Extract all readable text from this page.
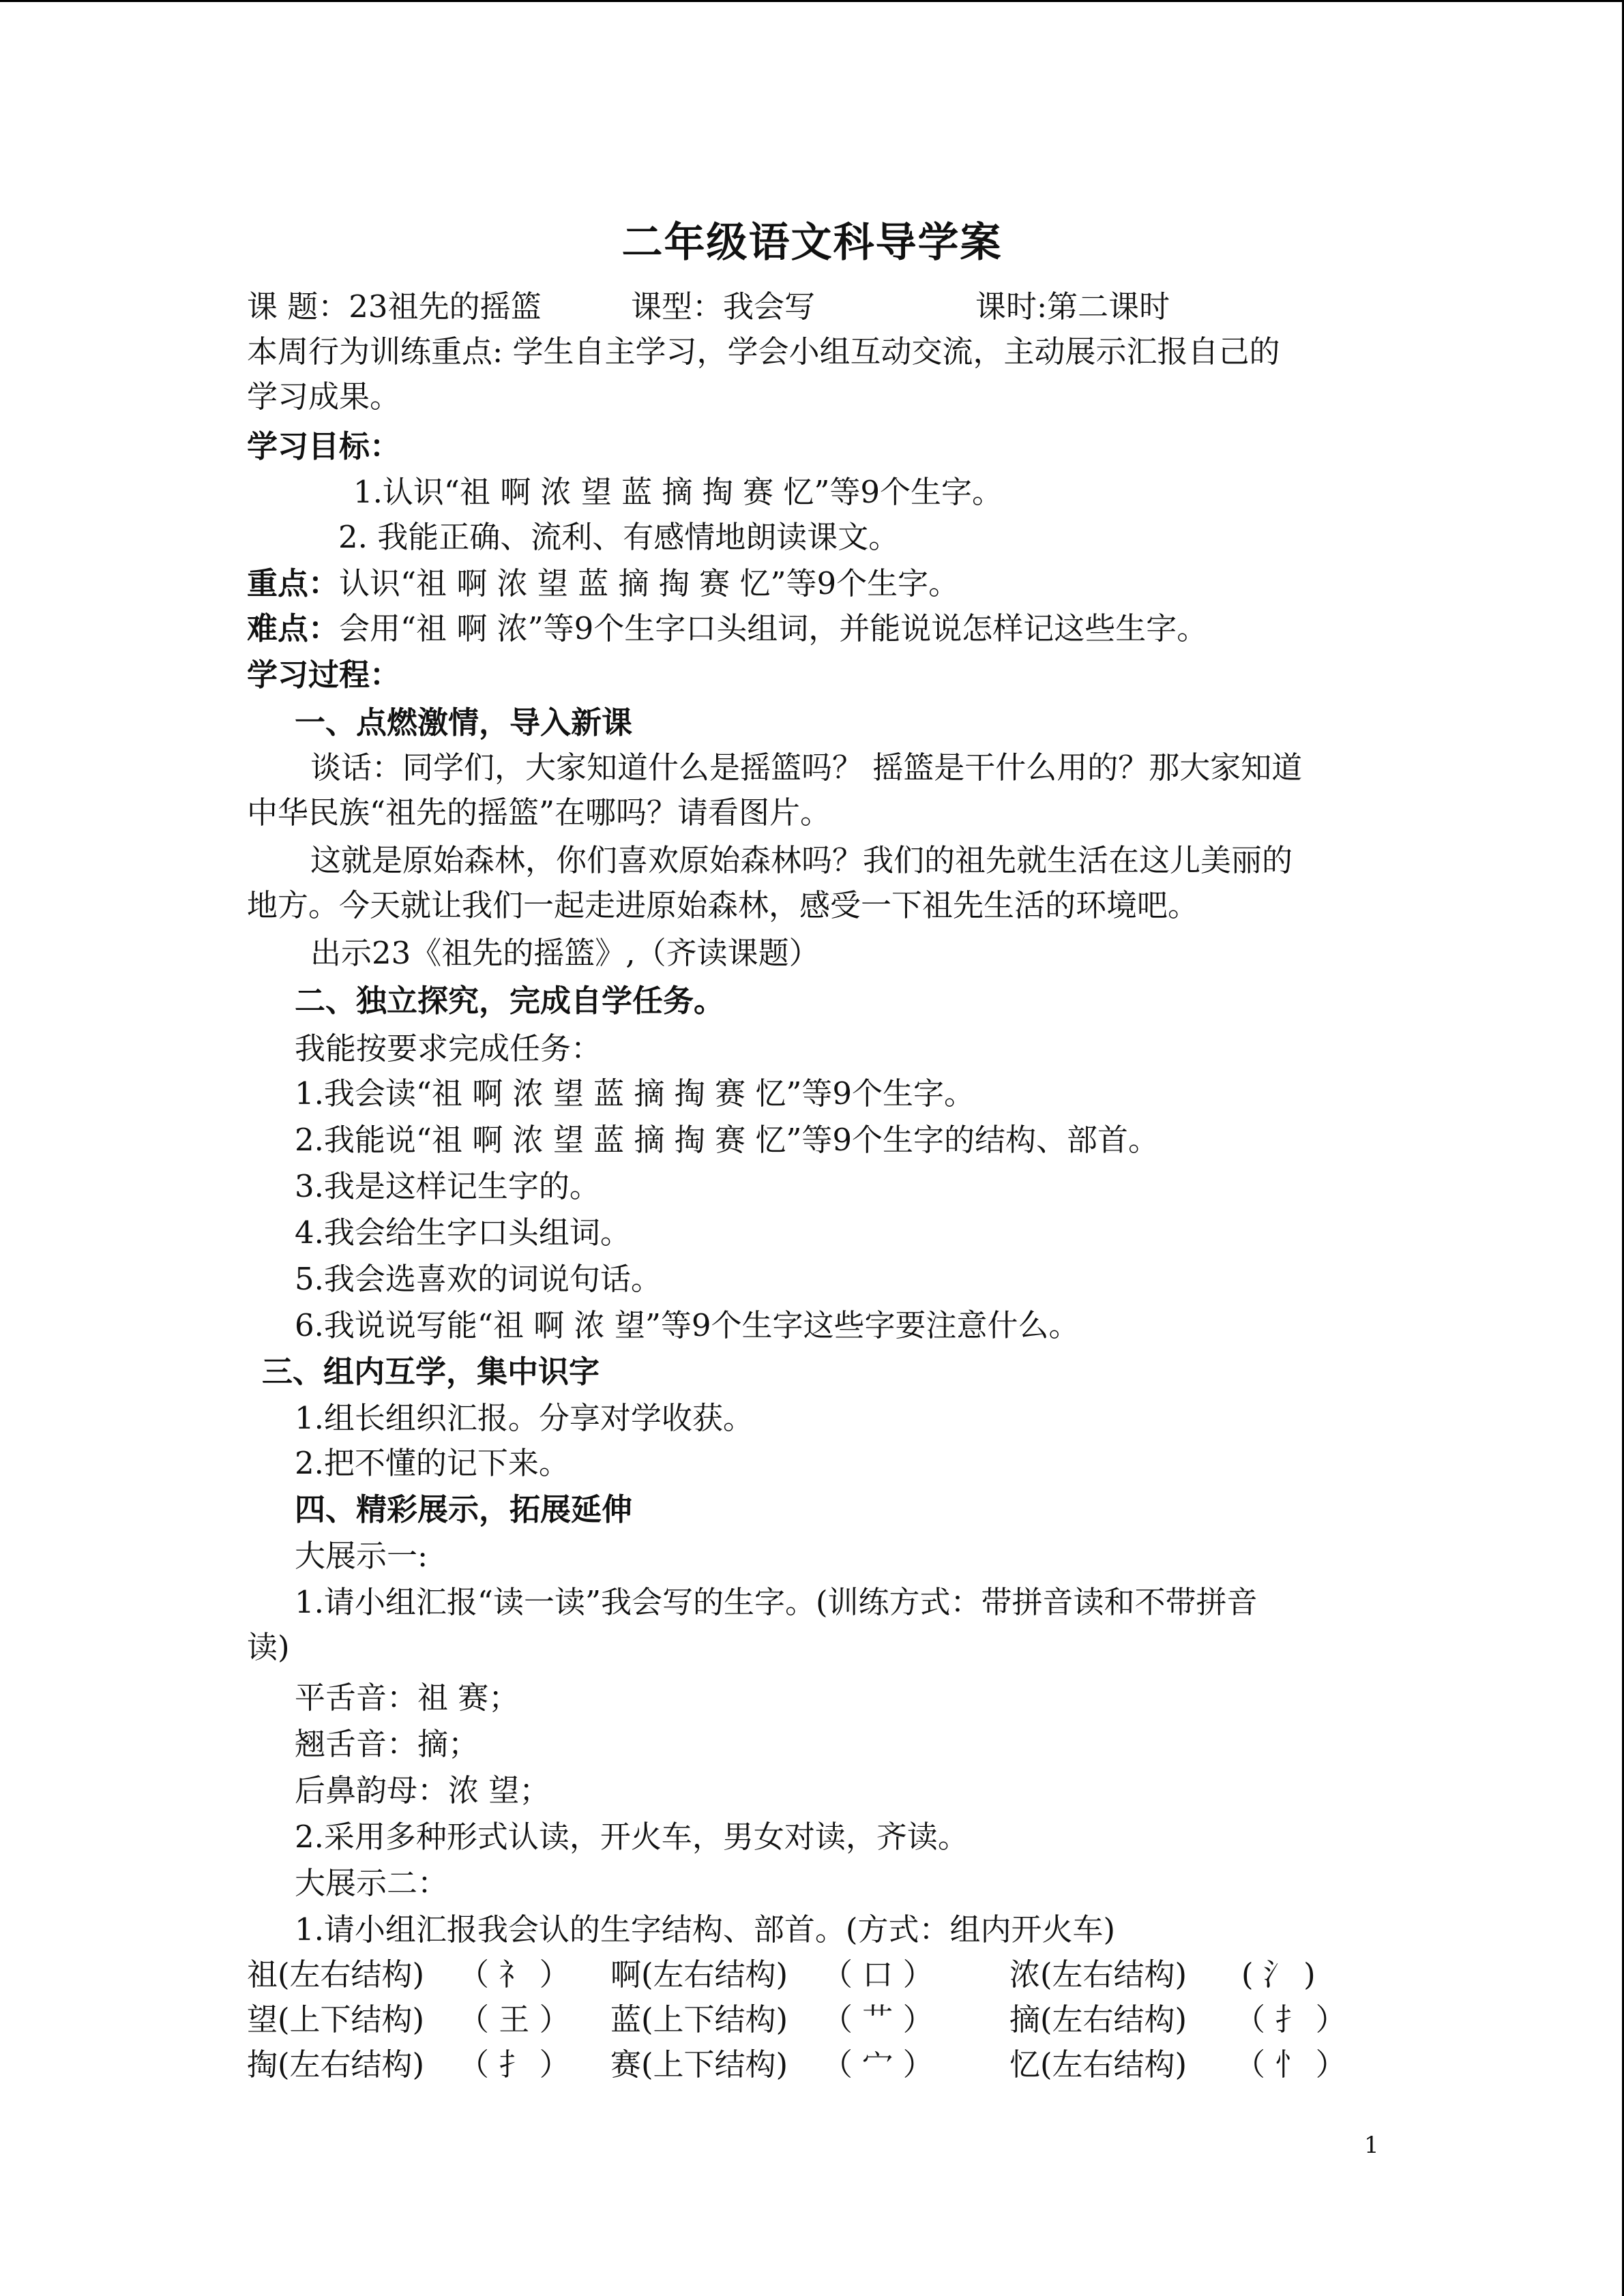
二年级语文科导学案
课 题：23祖先的摇篮	课型：我会写	课时:第二课时
本周行为训练重点: 学生自主学习，学会小组互动交流，主动展示汇报自己的
学习成果。
学习目标：
1.认识“祖 啊 浓 望 蓝 摘 掏 赛 忆”等9个生字。
2. 我能正确、流利、有感情地朗读课文。
重点：认识“祖 啊 浓 望 蓝 摘 掏 赛 忆”等9个生字。
难点：会用“祖 啊 浓”等9个生字口头组词，并能说说怎样记这些生字。
学习过程：
一、点燃激情，导入新课
谈话：同学们，大家知道什么是摇篮吗？ 摇篮是干什么用的？那大家知道
中华民族“祖先的摇篮”在哪吗？请看图片。
这就是原始森林，你们喜欢原始森林吗？我们的祖先就生活在这儿美丽的
地方。今天就让我们一起走进原始森林，感受一下祖先生活的环境吧。
出示23《祖先的摇篮》,（齐读课题）
二、独立探究，完成自学任务。
我能按要求完成任务：
1.我会读“祖 啊 浓 望 蓝 摘 掏 赛 忆”等9个生字。
2.我能说“祖 啊 浓 望 蓝 摘 掏 赛 忆”等9个生字的结构、部首。
3.我是这样记生字的。
4.我会给生字口头组词。
5.我会选喜欢的词说句话。
6.我说说写能“祖 啊 浓 望”等9个生字这些字要注意什么。
三、组内互学，集中识字
1.组长组织汇报。分享对学收获。
2.把不懂的记下来。
四、精彩展示，拓展延伸
大展示一:
1.请小组汇报“读一读”我会写的生字。(训练方式：带拼音读和不带拼音
读)
平舌音：祖 赛；
翘舌音：摘；
后鼻韵母：浓 望；
2.采用多种形式认读，开火车，男女对读，齐读。
大展示二：
1.请小组汇报我会认的生字结构、部首。(方式：组内开火车)
祖(左右结构) （ 礻 ） 啊(左右结构) （ 口 ） 浓(左右结构) ( 氵 )
望(上下结构) （ 王 ） 蓝(上下结构) （ 艹 ） 摘(左右结构) （ 扌 ）
掏(左右结构) （ 扌 ） 赛(上下结构) （ 宀 ） 忆(左右结构) （ 忄 ）
1
